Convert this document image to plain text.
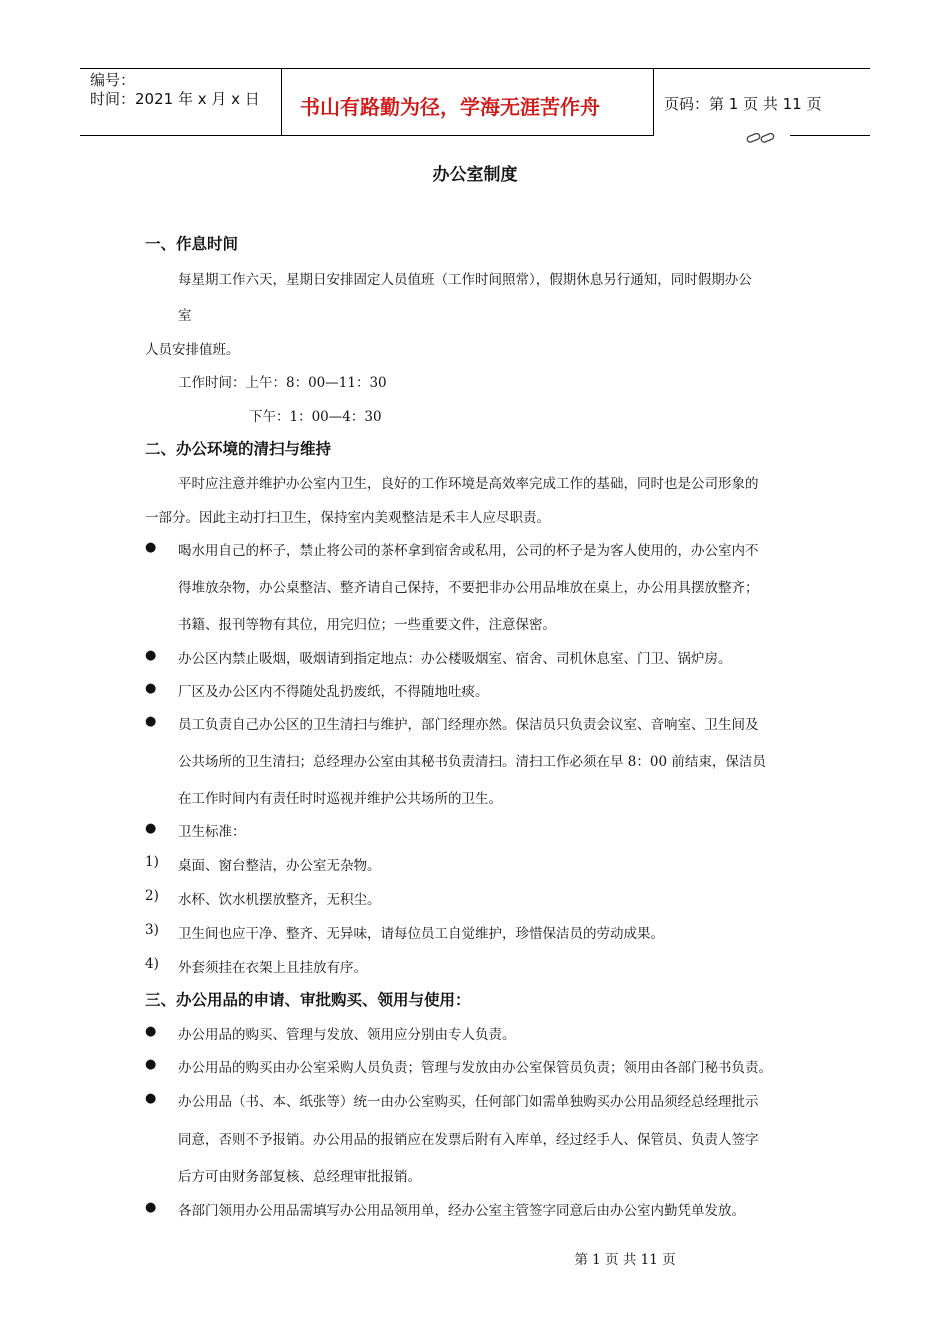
编号：
时间：2021 年 x 月 x 日 书山有路勤为径，学海无涯苦作舟	页码：第 1 页 共 11 页
办公室制度
一、作息时间
每星期工作六天，星期日安排固定人员值班（工作时间照常），假期休息另行通知，同时假期办公
室
人员安排值班。
工作时间：上午：8：00—11：30
下午：1：00—4：30
二、办公环境的清扫与维持
平时应注意并维护办公室内卫生，良好的工作环境是高效率完成工作的基础，同时也是公司形象的
一部分。因此主动打扫卫生，保持室内美观整洁是禾丰人应尽职责。
● 喝水用自己的杯子，禁止将公司的茶杯拿到宿舍或私用，公司的杯子是为客人使用的，办公室内不
得堆放杂物，办公桌整洁、整齐请自己保持，不要把非办公用品堆放在桌上，办公用具摆放整齐；
书籍、报刊等物有其位，用完归位；一些重要文件，注意保密。
● 办公区内禁止吸烟，吸烟请到指定地点：办公楼吸烟室、宿舍、司机休息室、门卫、锅炉房。
● 厂区及办公区内不得随处乱扔废纸，不得随地吐痰。
● 员工负责自己办公区的卫生清扫与维护，部门经理亦然。保洁员只负责会议室、音响室、卫生间及
公共场所的卫生清扫；总经理办公室由其秘书负责清扫。清扫工作必须在早 8：00 前结束，保洁员
在工作时间内有责任时时巡视并维护公共场所的卫生。
● 卫生标准：
1) 桌面、窗台整洁，办公室无杂物。
2) 水杯、饮水机摆放整齐，无积尘。
3) 卫生间也应干净、整齐、无异味，请每位员工自觉维护，珍惜保洁员的劳动成果。
4) 外套须挂在衣架上且挂放有序。
三、办公用品的申请、审批购买、领用与使用：
● 办公用品的购买、管理与发放、领用应分别由专人负责。
● 办公用品的购买由办公室采购人员负责；管理与发放由办公室保管员负责；领用由各部门秘书负责。
● 办公用品（书、本、纸张等）统一由办公室购买，任何部门如需单独购买办公用品须经总经理批示
同意，否则不予报销。办公用品的报销应在发票后附有入库单，经过经手人、保管员、负责人签字
后方可由财务部复核、总经理审批报销。
● 各部门领用办公用品需填写办公用品领用单，经办公室主管签字同意后由办公室内勤凭单发放。
第 1 页 共 11 页
